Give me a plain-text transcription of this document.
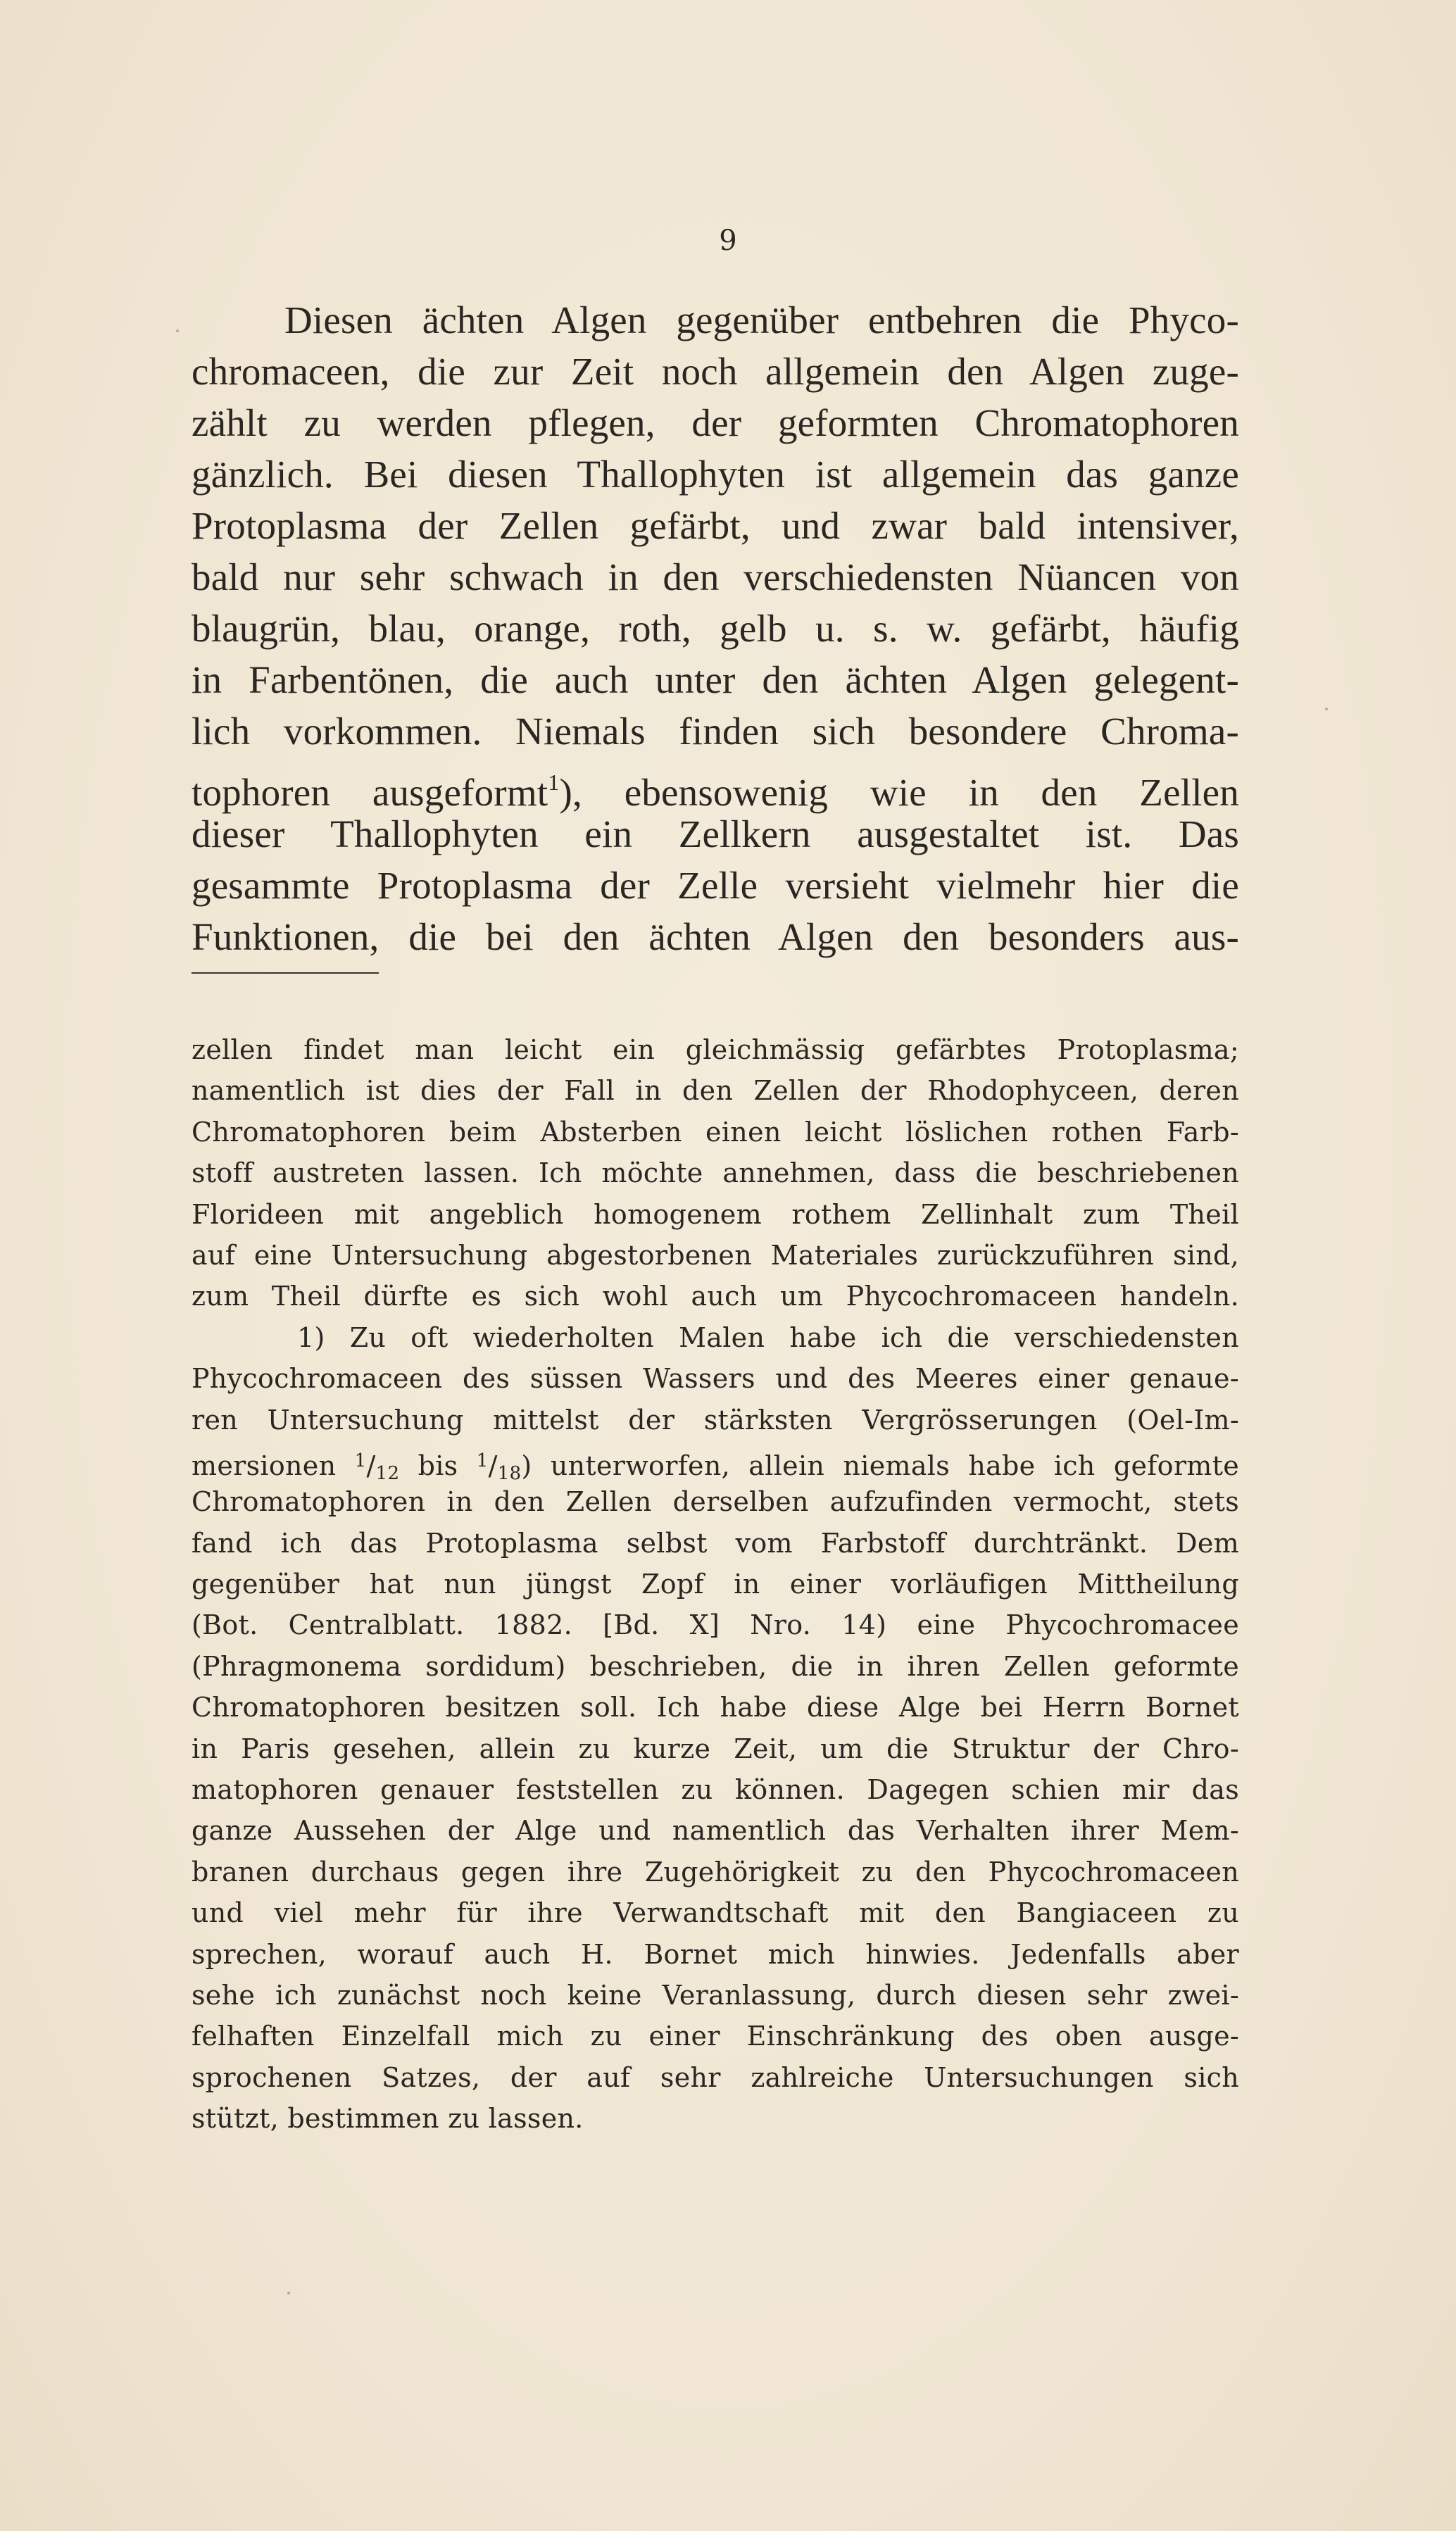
9
Diesen ächten Algen gegenüber entbehren die Phyco-
chromaceen, die zur Zeit noch allgemein den Algen zuge-
zählt zu werden pflegen, der geformten Chromatophoren
gänzlich. Bei diesen Thallophyten ist allgemein das ganze
Protoplasma der Zellen gefärbt, und zwar bald intensiver,
bald nur sehr schwach in den verschiedensten Nüancen von
blaugrün, blau, orange, roth, gelb u. s. w. gefärbt, häufig
in Farbentönen, die auch unter den ächten Algen gelegent-
lich vorkommen. Niemals finden sich besondere Chroma-
tophoren ausgeformt$^1$), ebensowenig wie in den Zellen
dieser Thallophyten ein Zellkern ausgestaltet ist. Das
gesammte Protoplasma der Zelle versieht vielmehr hier die
Funktionen, die bei den ächten Algen den besonders aus-
zellen findet man leicht ein gleichmässig gefärbtes Protoplasma;
namentlich ist dies der Fall in den Zellen der Rhodophyceen, deren
Chromatophoren beim Absterben einen leicht löslichen rothen Farb-
stoff austreten lassen. Ich möchte annehmen, dass die beschriebenen
Florideen mit angeblich homogenem rothem Zellinhalt zum Theil
auf eine Untersuchung abgestorbenen Materiales zurückzuführen sind,
zum Theil dürfte es sich wohl auch um Phycochromaceen handeln.
1) Zu oft wiederholten Malen habe ich die verschiedensten
Phycochromaceen des süssen Wassers und des Meeres einer genaue-
ren Untersuchung mittelst der stärksten Vergrösserungen (Oel-Im-
mersionen $^1$/12 bis $^1$/18) unterworfen, allein niemals habe ich geformte
Chromatophoren in den Zellen derselben aufzufinden vermocht, stets
fand ich das Protoplasma selbst vom Farbstoff durchtränkt. Dem
gegenüber hat nun jüngst Zopf in einer vorläufigen Mittheilung
(Bot. Centralblatt. 1882. [Bd. X] Nro. 14) eine Phycochromacee
(Phragmonema sordidum) beschrieben, die in ihren Zellen geformte
Chromatophoren besitzen soll. Ich habe diese Alge bei Herrn Bornet
in Paris gesehen, allein zu kurze Zeit, um die Struktur der Chro-
matophoren genauer feststellen zu können. Dagegen schien mir das
ganze Aussehen der Alge und namentlich das Verhalten ihrer Mem-
branen durchaus gegen ihre Zugehörigkeit zu den Phycochromaceen
und viel mehr für ihre Verwandtschaft mit den Bangiaceen zu
sprechen, worauf auch H. Bornet mich hinwies. Jedenfalls aber
sehe ich zunächst noch keine Veranlassung, durch diesen sehr zwei-
felhaften Einzelfall mich zu einer Einschränkung des oben ausge-
sprochenen Satzes, der auf sehr zahlreiche Untersuchungen sich
stützt, bestimmen zu lassen.
